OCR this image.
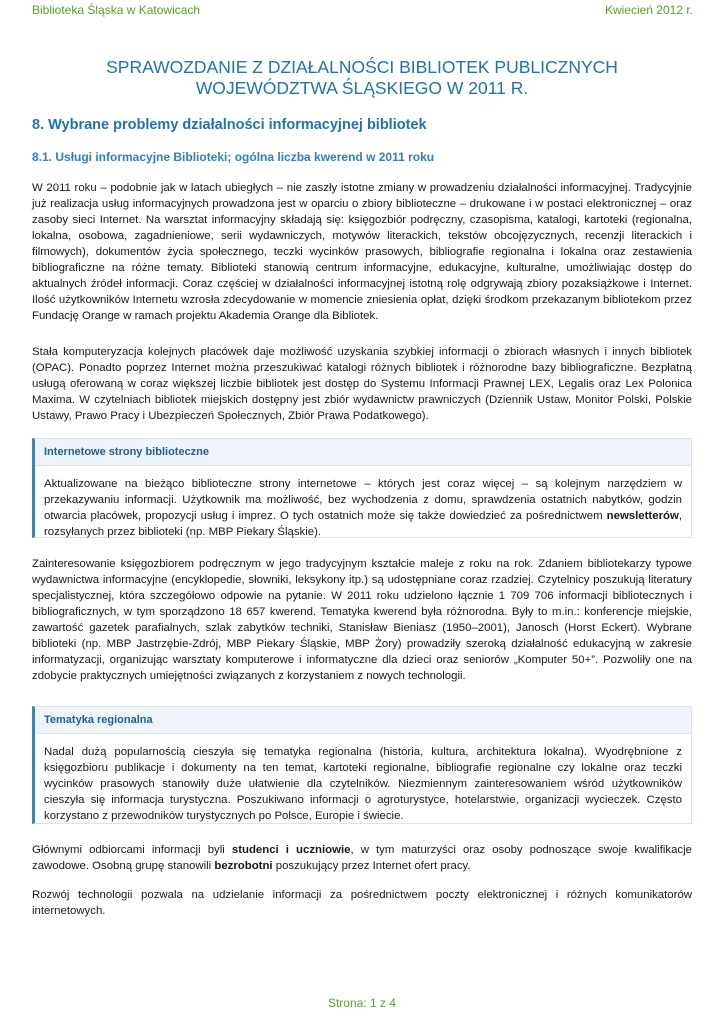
Biblioteka Śląska w Katowicach	Kwiecień 2012 r.
SPRAWOZDANIE Z DZIAŁALNOŚCI BIBLIOTEK PUBLICZNYCH
WOJEWÓDZTWA ŚLĄSKIEGO W 2011 R.
8. Wybrane problemy działalności informacyjnej bibliotek
8.1. Usługi informacyjne Biblioteki; ogólna liczba kwerend w 2011 roku

W 2011 roku – podobnie jak w latach ubiegłych – nie zaszły istotne zmiany w prowadzeniu działalności informacyjnej. Tradycyjnie już realizacja usług informacyjnych prowadzona jest w oparciu o zbiory biblioteczne – drukowane i w postaci elektronicznej – oraz zasoby sieci Internet. Na warsztat informacyjny składają się: księgozbiór podręczny, czasopisma, katalogi, kartoteki (regionalna, lokalna, osobowa, zagadnieniowe, serii wydawniczych, motywów literackich, tekstów obcojęzycznych, recenzji literackich i filmowych), dokumentów życia społecznego, teczki wycinków prasowych, bibliografie regionalna i lokalna oraz zestawienia bibliograficzne na różne tematy. Biblioteki stanowią centrum informacyjne, edukacyjne, kulturalne, umożliwiając dostęp do aktualnych źródeł informacji. Coraz częściej w działalności informacyjnej istotną rolę odgrywają zbiory pozaksiążkowe i Internet. Ilość użytkowników Internetu wzrosła zdecydowanie w momencie zniesienia opłat, dzięki środkom przekazanym bibliotekom przez Fundację Orange w ramach projektu Akademia Orange dla Bibliotek.

Stała komputeryzacja kolejnych placówek daje możliwość uzyskania szybkiej informacji o zbiorach własnych i innych bibliotek (OPAC). Ponadto poprzez Internet można przeszukiwać katalogi różnych bibliotek i różnorodne bazy bibliograficzne. Bezpłatną usługą oferowaną w coraz większej liczbie bibliotek jest dostęp do Systemu Informacji Prawnej LEX, Legalis oraz Lex Polonica Maxima. W czytelniach bibliotek miejskich dostępny jest zbiór wydawnictw prawniczych (Dziennik Ustaw, Monitor Polski, Polskie Ustawy, Prawo Pracy i Ubezpieczeń Społecznych, Zbiór Prawa Podatkowego).

Internetowe strony biblioteczne

Aktualizowane na bieżąco biblioteczne strony internetowe – których jest coraz więcej – są kolejnym narzędziem w przekazywaniu informacji. Użytkownik ma możliwość, bez wychodzenia z domu, sprawdzenia ostatnich nabytków, godzin otwarcia placówek, propozycji usług i imprez. O tych ostatnich może się także dowiedzieć za pośrednictwem newsletterów, rozsyłanych przez biblioteki (np. MBP Piekary Śląskie).

Zainteresowanie księgozbiorem podręcznym w jego tradycyjnym kształcie maleje z roku na rok. Zdaniem bibliotekarzy typowe wydawnictwa informacyjne (encyklopedie, słowniki, leksykony itp.) są udostępniane coraz rzadziej. Czytelnicy poszukują literatury specjalistycznej, która szczegółowo odpowie na pytanie. W 2011 roku udzielono łącznie 1 709 706 informacji bibliotecznych i bibliograficznych, w tym sporządzono 18 657 kwerend. Tematyka kwerend była różnorodna. Były to m.in.: konferencje miejskie, zawartość gazetek parafialnych, szlak zabytków techniki, Stanisław Bieniasz (1950–2001), Janosch (Horst Eckert). Wybrane biblioteki (np. MBP Jastrzębie-Zdrój, MBP Piekary Śląskie, MBP Żory) prowadziły szeroką działalność edukacyjną w zakresie informatyzacji, organizując warsztaty komputerowe i informatyczne dla dzieci oraz seniorów „Komputer 50+”. Pozwoliły one na zdobycie praktycznych umiejętności związanych z korzystaniem z nowych technologii.

Tematyka regionalna

Nadal dużą popularnością cieszyła się tematyka regionalna (historia, kultura, architektura lokalna). Wyodrębnione z księgozbioru publikacje i dokumenty na ten temat, kartoteki regionalne, bibliografie regionalne czy lokalne oraz teczki wycinków prasowych stanowiły duże ułatwienie dla czytelników. Niezmiennym zainteresowaniem wśród użytkowników cieszyła się informacja turystyczna. Poszukiwano informacji o agroturystyce, hotelarstwie, organizacji wycieczek. Często korzystano z przewodników turystycznych po Polsce, Europie i świecie.

Głównymi odbiorcami informacji byli studenci i uczniowie, w tym maturzyści oraz osoby podnoszące swoje kwalifikacje zawodowe. Osobną grupę stanowili bezrobotni poszukujący przez Internet ofert pracy.

Rozwój technologii pozwala na udzielanie informacji za pośrednictwem poczty elektronicznej i różnych komunikatorów internetowych.

Strona: 1 z 4
